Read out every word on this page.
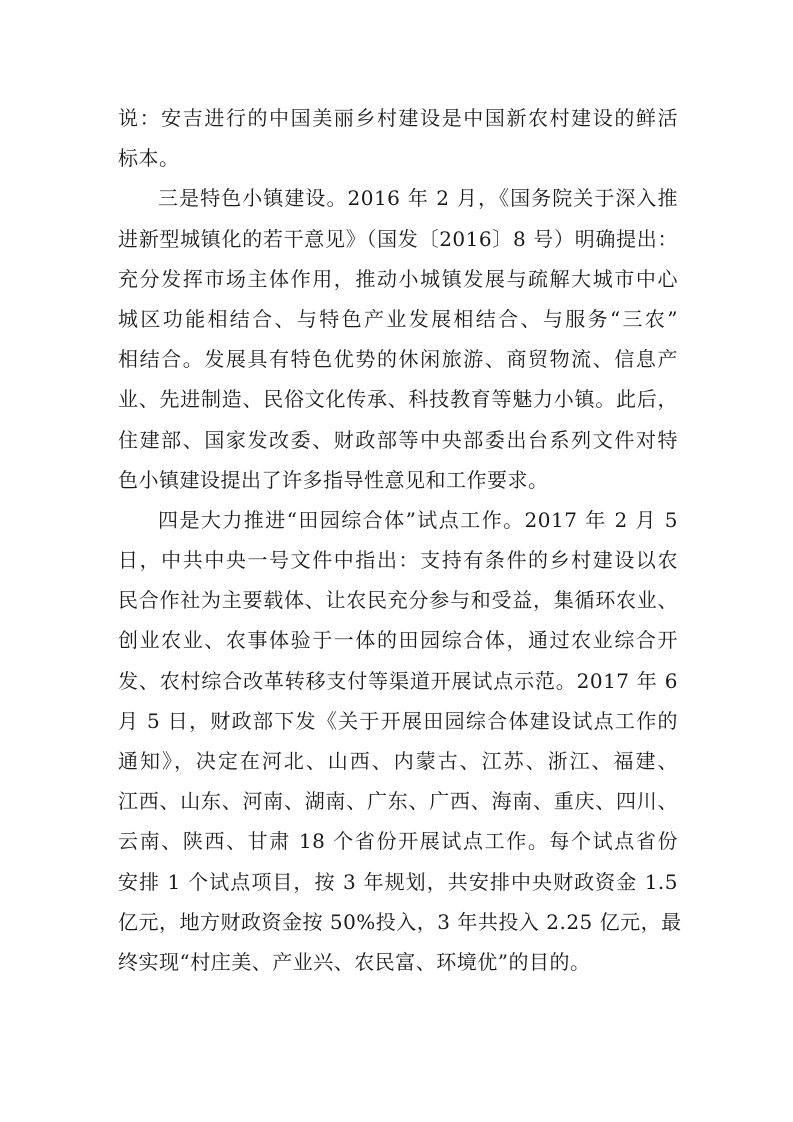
说：安吉进行的中国美丽乡村建设是中国新农村建设的鲜活
标本。
三是特色小镇建设。2016 年 2 月，《国务院关于深入推
进新型城镇化的若干意见》（国发〔2016〕8 号）明确提出：
充分发挥市场主体作用，推动小城镇发展与疏解大城市中心
城区功能相结合、与特色产业发展相结合、与服务“三农”
相结合。发展具有特色优势的休闲旅游、商贸物流、信息产
业、先进制造、民俗文化传承、科技教育等魅力小镇。此后，
住建部、国家发改委、财政部等中央部委出台系列文件对特
色小镇建设提出了许多指导性意见和工作要求。
四是大力推进“田园综合体”试点工作。2017 年 2 月 5
日，中共中央一号文件中指出：支持有条件的乡村建设以农
民合作社为主要载体、让农民充分参与和受益，集循环农业、
创业农业、农事体验于一体的田园综合体，通过农业综合开
发、农村综合改革转移支付等渠道开展试点示范。2017 年 6
月 5 日，财政部下发《关于开展田园综合体建设试点工作的
通知》，决定在河北、山西、内蒙古、江苏、浙江、福建、
江西、山东、河南、湖南、广东、广西、海南、重庆、四川、
云南、陕西、甘肃 18 个省份开展试点工作。每个试点省份
安排 1 个试点项目，按 3 年规划，共安排中央财政资金 1.5
亿元，地方财政资金按 50%投入，3 年共投入 2.25 亿元，最
终实现“村庄美、产业兴、农民富、环境优”的目的。
